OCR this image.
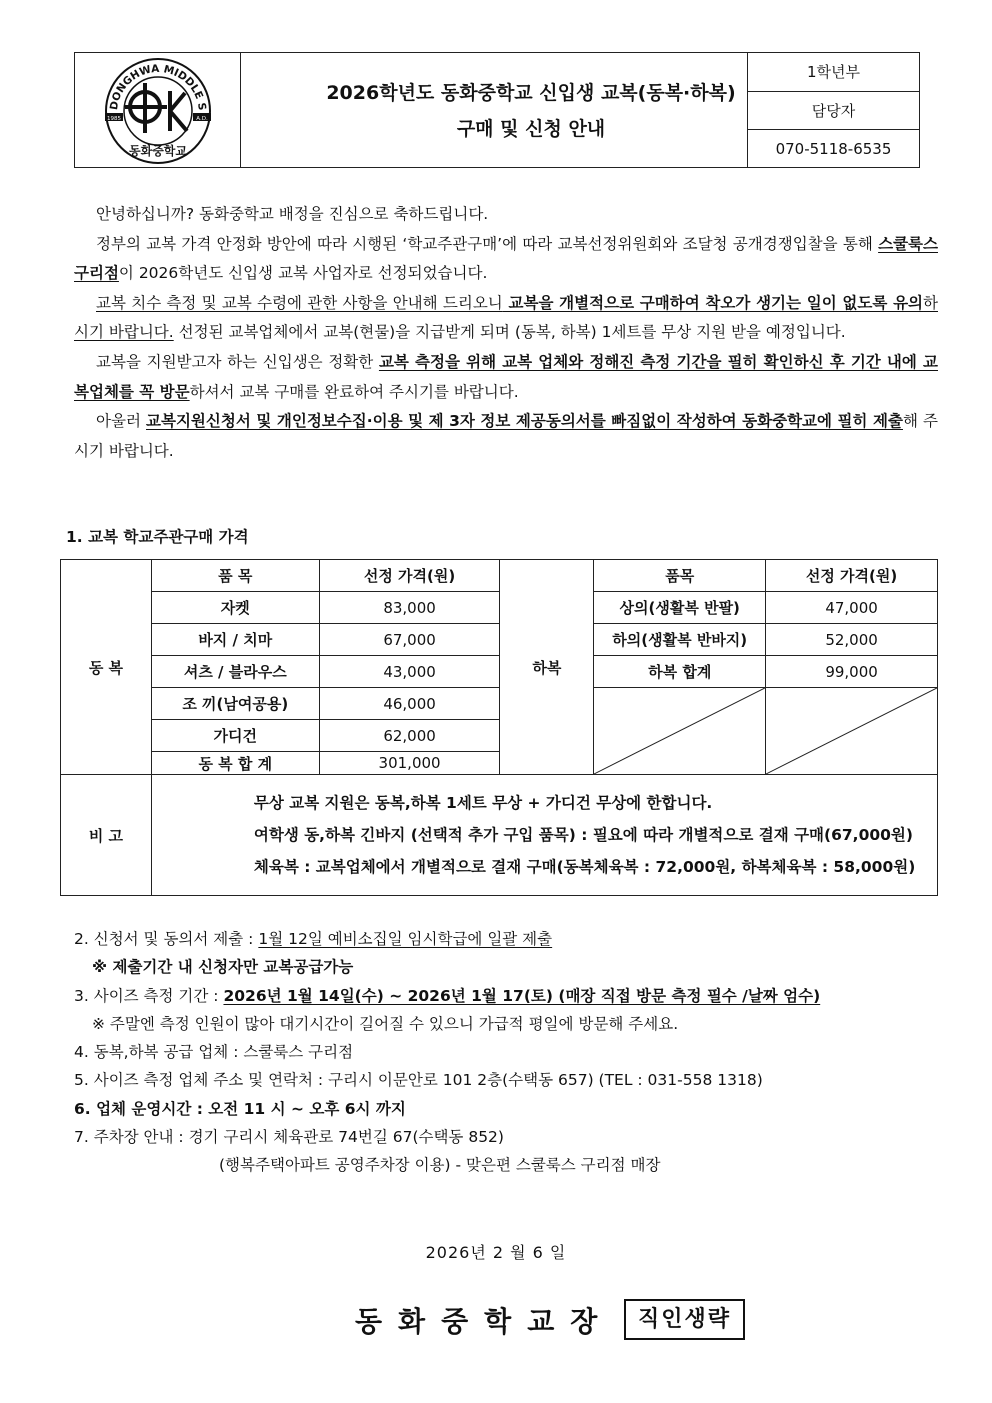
DONGHWA MIDDLE S
1985	A.D.
동화중학교
2026학년도 동화중학교 신입생 교복(동복·하복)
구매 및 신청 안내
1학년부
담당자
070-5118-6535

안녕하십니까? 동화중학교 배정을 진심으로 축하드립니다.

정부의 교복 가격 안정화 방안에 따라 시행된 ‘학교주관구매’에 따라 교복선정위원회와 조달청 공개경쟁입찰을 통해 스쿨룩스 구리점이 2026학년도 신입생 교복 사업자로 선정되었습니다.

교복 치수 측정 및 교복 수령에 관한 사항을 안내해 드리오니 교복을 개별적으로 구매하여 착오가 생기는 일이 없도록 유의하시기 바랍니다. 선정된 교복업체에서 교복(현물)을 지급받게 되며 (동복, 하복) 1세트를 무상 지원 받을 예정입니다.

교복을 지원받고자 하는 신입생은 정확한 교복 측정을 위해 교복 업체와 정해진 측정 기간을 필히 확인하신 후 기간 내에 교복업체를 꼭 방문하셔서 교복 구매를 완료하여 주시기를 바랍니다.

아울러 교복지원신청서 및 개인정보수집·이용 및 제 3자 정보 제공동의서를 빠짐없이 작성하여 동화중학교에 필히 제출해 주시기 바랍니다.

1. 교복 학교주관구매 가격
동 복	품 목	선정 가격(원)	하복	품목	선정 가격(원)
	자켓	83,000		상의(생활복 반팔)	47,000
	바지 / 치마	67,000		하의(생활복 반바지)	52,000
	셔츠 / 블라우스	43,000		하복 합계	99,000
	조 끼(남여공용)	46,000	

	가디건	62,000			
	동 복 합 계	301,000			
비 고	무상 교복 지원은 동복,하복 1세트 무상 + 가디건 무상에 한합니다.
여학생 동,하복 긴바지 (선택적 추가 구입 품목) : 필요에 따라 개별적으로 결재 구매(67,000원)
체육복 : 교복업체에서 개별적으로 결재 구매(동복체육복 : 72,000원, 하복체육복 : 58,000원)				
2. 신청서 및 동의서 제출 : 1월 12일 예비소집일 임시학급에 일괄 제출
※ 제출기간 내 신청자만 교복공급가능
3. 사이즈 측정 기간 : 2026년 1월 14일(수) ~ 2026년 1월 17(토) (매장 직접 방문 측정 필수 /날짜 엄수)
※ 주말엔 측정 인원이 많아 대기시간이 길어질 수 있으니 가급적 평일에 방문해 주세요.
4. 동복,하복 공급 업체 : 스쿨룩스 구리점
5. 사이즈 측정 업체 주소 및 연락처 : 구리시 이문안로 101 2층(수택동 657) (TEL : 031-558 1318)
6. 업체 운영시간 : 오전 11 시 ~ 오후 6시 까지
7. 주차장 안내 : 경기 구리시 체육관로 74번길 67(수택동 852)
(행복주택아파트 공영주차장 이용) - 맞은편 스쿨룩스 구리점 매장
2026년 2 월 6 일
동화중학교장	직인생략
